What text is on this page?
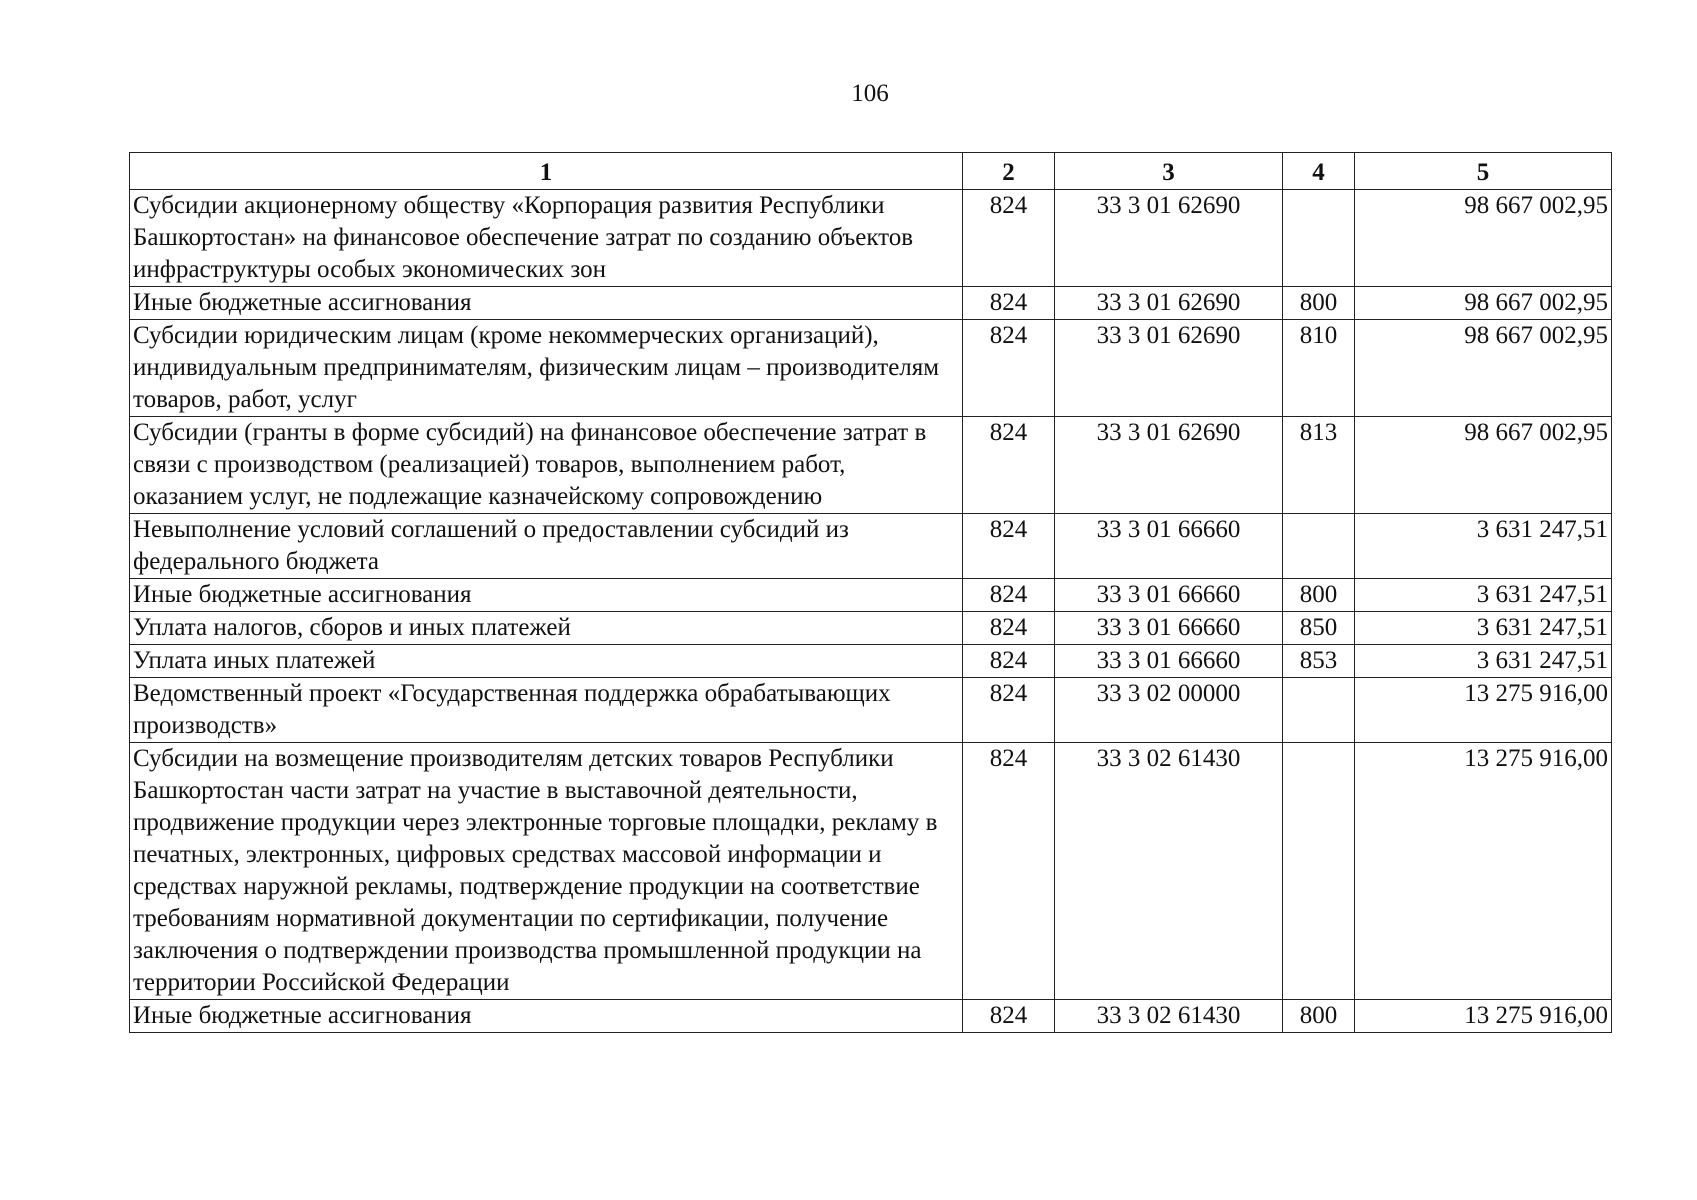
106
1	2	3	4	5
Субсидии акционерному обществу «Корпорация развития Республики Башкортостан» на финансовое обеспечение затрат по созданию объектов инфраструктуры особых экономических зон	824	33 3 01 62690		98 667 002,95
Иные бюджетные ассигнования	824	33 3 01 62690	800	98 667 002,95
Субсидии юридическим лицам (кроме некоммерческих организаций), индивидуальным предпринимателям, физическим лицам – производителям товаров, работ, услуг	824	33 3 01 62690	810	98 667 002,95
Субсидии (гранты в форме субсидий) на финансовое обеспечение затрат в связи с производством (реализацией) товаров, выполнением работ, оказанием услуг, не подлежащие казначейскому сопровождению	824	33 3 01 62690	813	98 667 002,95
Невыполнение условий соглашений о предоставлении субсидий из федерального бюджета	824	33 3 01 66660		3 631 247,51
Иные бюджетные ассигнования	824	33 3 01 66660	800	3 631 247,51
Уплата налогов, сборов и иных платежей	824	33 3 01 66660	850	3 631 247,51
Уплата иных платежей	824	33 3 01 66660	853	3 631 247,51
Ведомственный проект «Государственная поддержка обрабатывающих производств»	824	33 3 02 00000		13 275 916,00
Субсидии на возмещение производителям детских товаров Республики Башкортостан части затрат на участие в выставочной деятельности, продвижение продукции через электронные торговые площадки, рекламу в печатных, электронных, цифровых средствах массовой информации и средствах наружной рекламы, подтверждение продукции на соответствие требованиям нормативной документации по сертификации, получение заключения о подтверждении производства промышленной продукции на территории Российской Федерации	824	33 3 02 61430		13 275 916,00
Иные бюджетные ассигнования	824	33 3 02 61430	800	13 275 916,00
